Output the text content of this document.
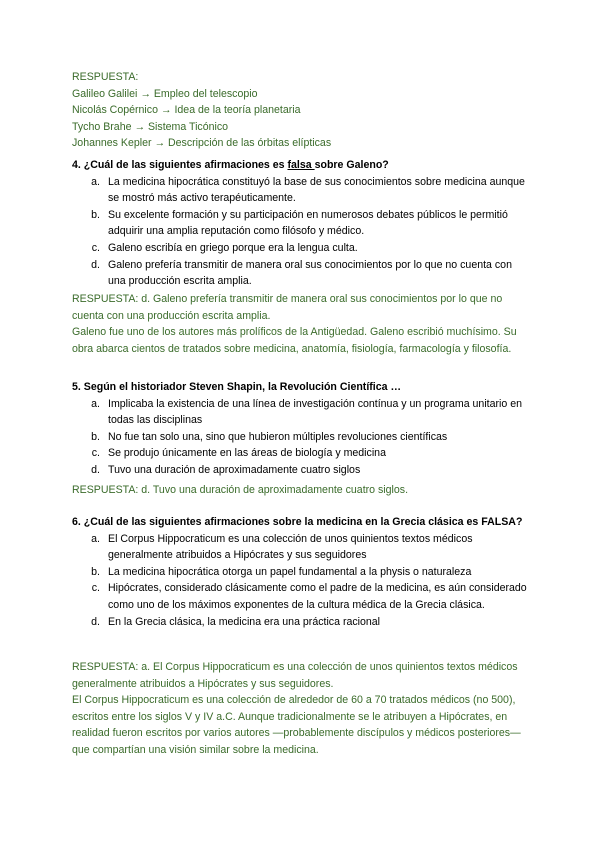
RESPUESTA:
Galileo Galilei → Empleo del telescopio
Nicolás Copérnico → Idea de la teoría planetaria
Tycho Brahe → Sistema Ticónico
Johannes Kepler → Descripción de las órbitas elípticas
4. ¿Cuál de las siguientes afirmaciones es falsa sobre Galeno?
a. La medicina hipocrática constituyó la base de sus conocimientos sobre medicina aunque se mostró más activo terapéuticamente.
b. Su excelente formación y su participación en numerosos debates públicos le permitió adquirir una amplia reputación como filósofo y médico.
c. Galeno escribía en griego porque era la lengua culta.
d. Galeno prefería transmitir de manera oral sus conocimientos por lo que no cuenta con una producción escrita amplia.
RESPUESTA: d. Galeno prefería transmitir de manera oral sus conocimientos por lo que no cuenta con una producción escrita amplia.
Galeno fue uno de los autores más prolíficos de la Antigüedad. Galeno escribió muchísimo. Su obra abarca cientos de tratados sobre medicina, anatomía, fisiología, farmacología y filosofía.
5. Según el historiador Steven Shapin, la Revolución Científica …
a. Implicaba la existencia de una línea de investigación contínua y un programa unitario en todas las disciplinas
b. No fue tan solo una, sino que hubieron múltiples revoluciones científicas
c. Se produjo únicamente en las áreas de biología y medicina
d. Tuvo una duración de aproximadamente cuatro siglos
RESPUESTA: d. Tuvo una duración de aproximadamente cuatro siglos.
6. ¿Cuál de las siguientes afirmaciones sobre la medicina en la Grecia clásica es FALSA?
a. El Corpus Hippocraticum es una colección de unos quinientos textos médicos generalmente atribuidos a Hipócrates y sus seguidores
b. La medicina hipocrática otorga un papel fundamental a la physis o naturaleza
c. Hipócrates, considerado clásicamente como el padre de la medicina, es aún considerado como uno de los máximos exponentes de la cultura médica de la Grecia clásica.
d. En la Grecia clásica, la medicina era una práctica racional
RESPUESTA: a. El Corpus Hippocraticum es una colección de unos quinientos textos médicos generalmente atribuidos a Hipócrates y sus seguidores.
El Corpus Hippocraticum es una colección de alrededor de 60 a 70 tratados médicos (no 500), escritos entre los siglos V y IV a.C. Aunque tradicionalmente se le atribuyen a Hipócrates, en realidad fueron escritos por varios autores —probablemente discípulos y médicos posteriores— que compartían una visión similar sobre la medicina.
